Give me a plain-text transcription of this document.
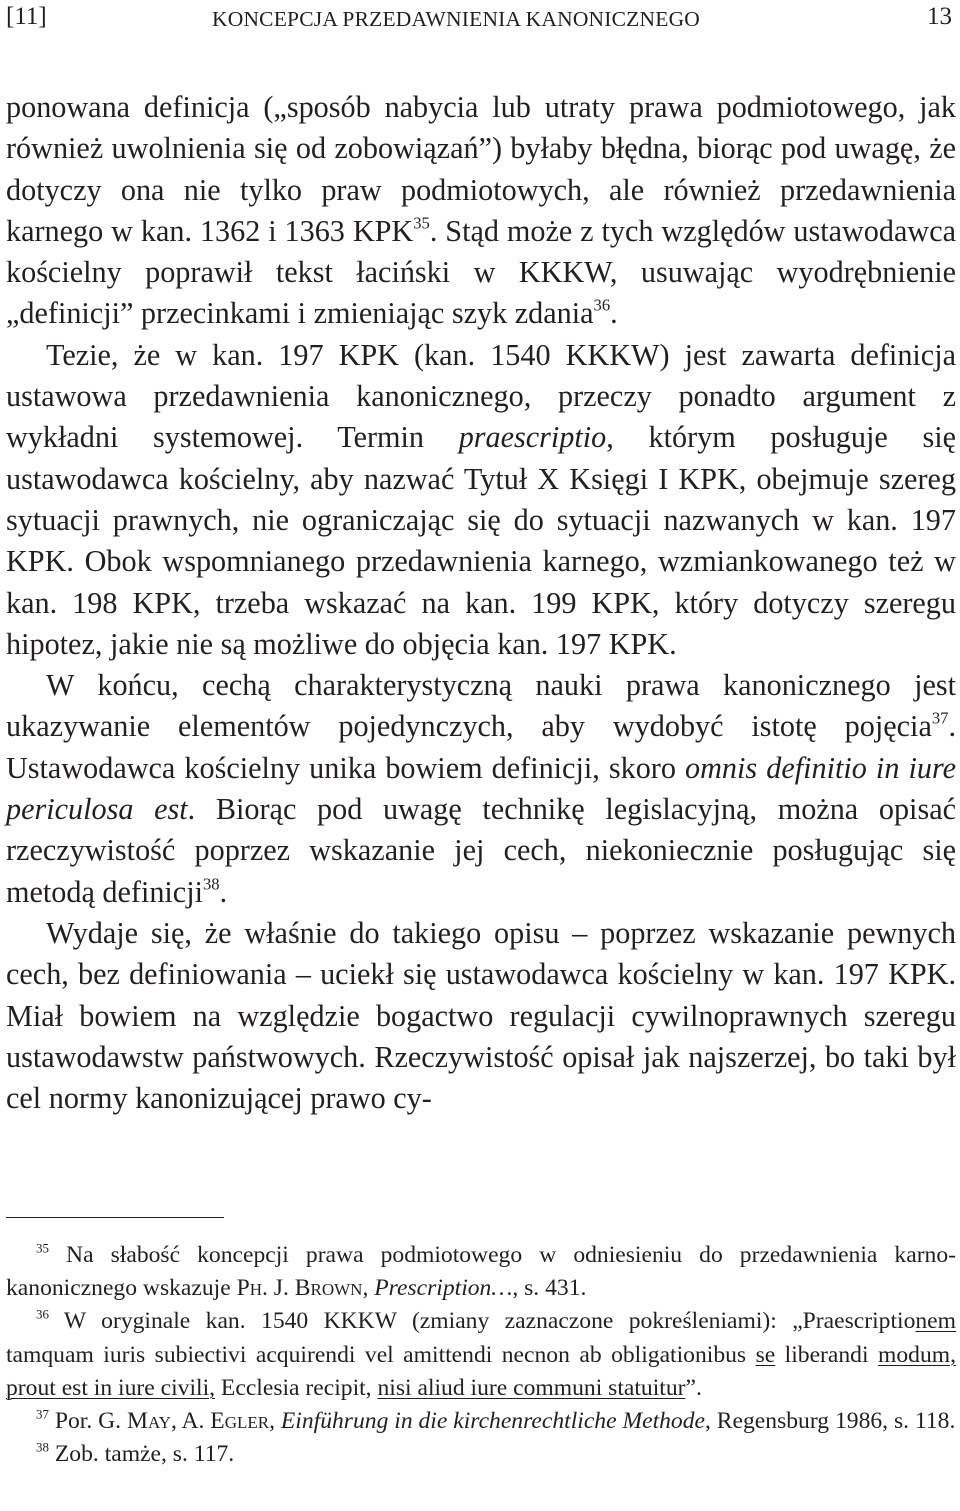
[11]	KONCEPCJA PRZEDAWNIENIA KANONICZNEGO	13

ponowana definicja („sposób nabycia lub utraty prawa podmiotowego, jak również uwolnienia się od zobowiązań”) byłaby błędna, biorąc pod uwagę, że dotyczy ona nie tylko praw podmiotowych, ale również przedawnienia karnego w kan. 1362 i 1363 KPK$^{35}$. Stąd może z tych względów ustawodawca kościelny poprawił tekst łaciński w KKKW, usuwając wyodrębnienie „definicji” przecinkami i zmieniając szyk zdania$^{36}$.

Tezie, że w kan. 197 KPK (kan. 1540 KKKW) jest zawarta definicja ustawowa przedawnienia kanonicznego, przeczy ponadto argument z wykładni systemowej. Termin praescriptio, którym posługuje się ustawodawca kościelny, aby nazwać Tytuł X Księgi I KPK, obejmuje szereg sytuacji prawnych, nie ograniczając się do sytuacji nazwanych w kan. 197 KPK. Obok wspomnianego przedawnienia karnego, wzmiankowanego też w kan. 198 KPK, trzeba wskazać na kan. 199 KPK, który dotyczy szeregu hipotez, jakie nie są możliwe do objęcia kan. 197 KPK.

W końcu, cechą charakterystyczną nauki prawa kanonicznego jest ukazywanie elementów pojedynczych, aby wydobyć istotę pojęcia$^{37}$. Ustawodawca kościelny unika bowiem definicji, skoro omnis definitio in iure periculosa est. Biorąc pod uwagę technikę legislacyjną, można opisać rzeczywistość poprzez wskazanie jej cech, niekoniecznie posługując się metodą definicji$^{38}$.

Wydaje się, że właśnie do takiego opisu – poprzez wskazanie pewnych cech, bez definiowania – uciekł się ustawodawca kościelny w kan. 197 KPK. Miał bowiem na względzie bogactwo regulacji cywilnoprawnych szeregu ustawodawstw państwowych. Rzeczywistość opisał jak najszerzej, bo taki był cel normy kanonizującej prawo cy-

$^{35}$ Na słabość koncepcji prawa podmiotowego w odniesieniu do przedawnienia karno-kanonicznego wskazuje Ph. J. Brown, Prescription…, s. 431.

$^{36}$ W oryginale kan. 1540 KKKW (zmiany zaznaczone pokreśleniami): „Praescriptionem tamquam iuris subiectivi acquirendi vel amittendi necnon ab obligationibus se liberandi modum, prout est in iure civili, Ecclesia recipit, nisi aliud iure communi statuitur”.

$^{37}$ Por. G. May, A. Egler, Einführung in die kirchenrechtliche Methode, Regensburg 1986, s. 118.

$^{38}$ Zob. tamże, s. 117.
